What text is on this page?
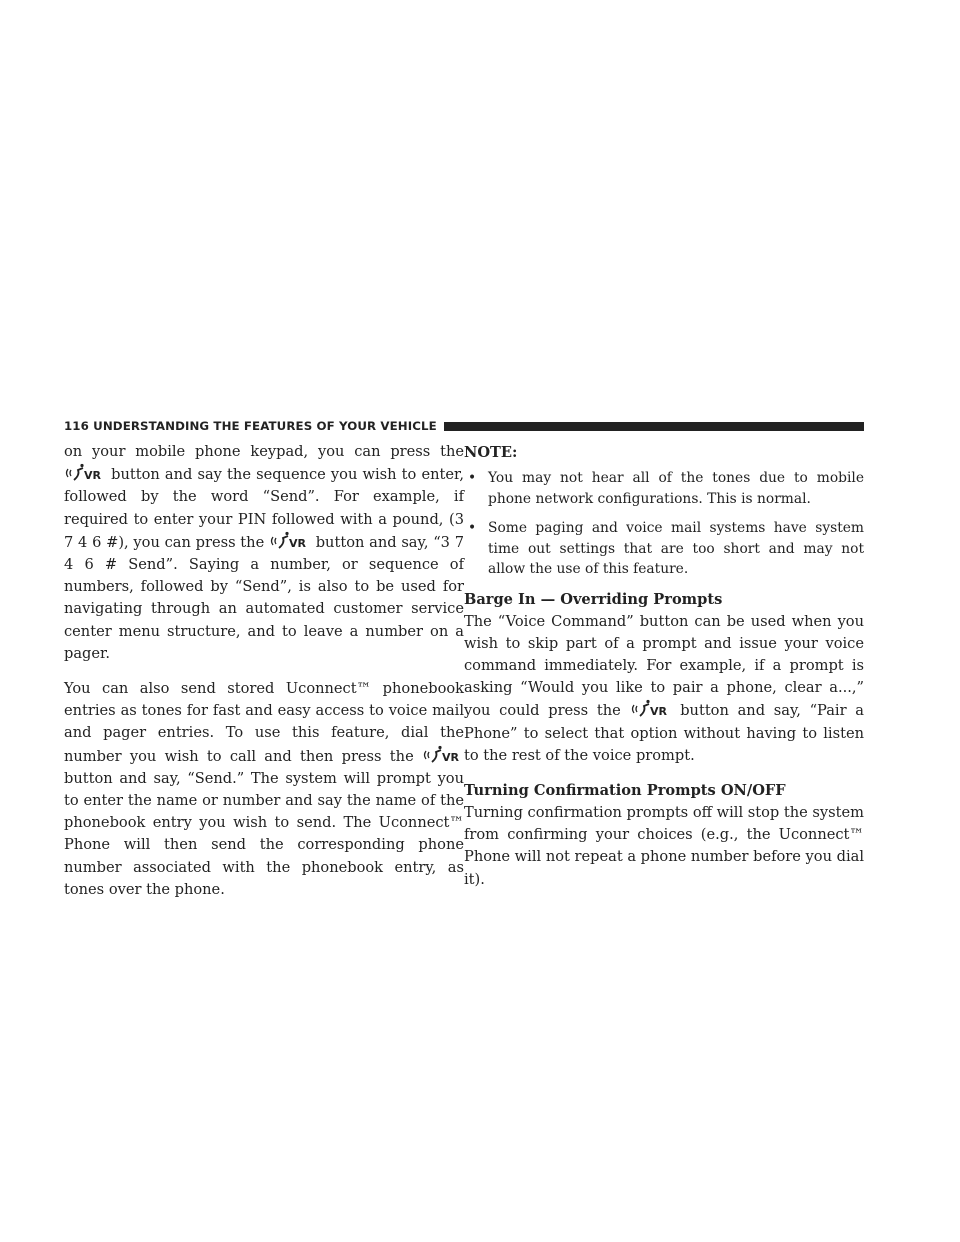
116 UNDERSTANDING THE FEATURES OF YOUR VEHICLE

on your mobile phone keypad, you can press the
VR button and say the sequence you wish to enter, followed by the word “Send”. For example, if required to enter your PIN followed with a pound, (3 7 4 6 #), you can press the VR button and say, “3 7 4 6 # Send”. Saying a number, or sequence of numbers, followed by “Send”, is also to be used for navigating through an automated customer service center menu structure, and to leave a number on a pager.

You can also send stored Uconnect™ phonebook entries as tones for fast and easy access to voice mail and pager entries. To use this feature, dial the number you wish to call and then press the VR
button and say, “Send.” The system will prompt you to enter the name or number and say the name of the phonebook entry you wish to send. The Uconnect™ Phone will then send the corresponding phone number associated with the phonebook entry, as tones over the phone.

NOTE:
• You may not hear all of the tones due to mobile phone network configurations. This is normal.
• Some paging and voice mail systems have system time out settings that are too short and may not allow the use of this feature.
Barge In — Overriding Prompts

The “Voice Command” button can be used when you wish to skip part of a prompt and issue your voice command immediately. For example, if a prompt is asking “Would you like to pair a phone, clear a...,” you could press the VR button and say, “Pair a Phone” to select that option without having to listen to the rest of the voice prompt.

Turning Confirmation Prompts ON/OFF

Turning confirmation prompts off will stop the system from confirming your choices (e.g., the Uconnect™ Phone will not repeat a phone number before you dial it).
